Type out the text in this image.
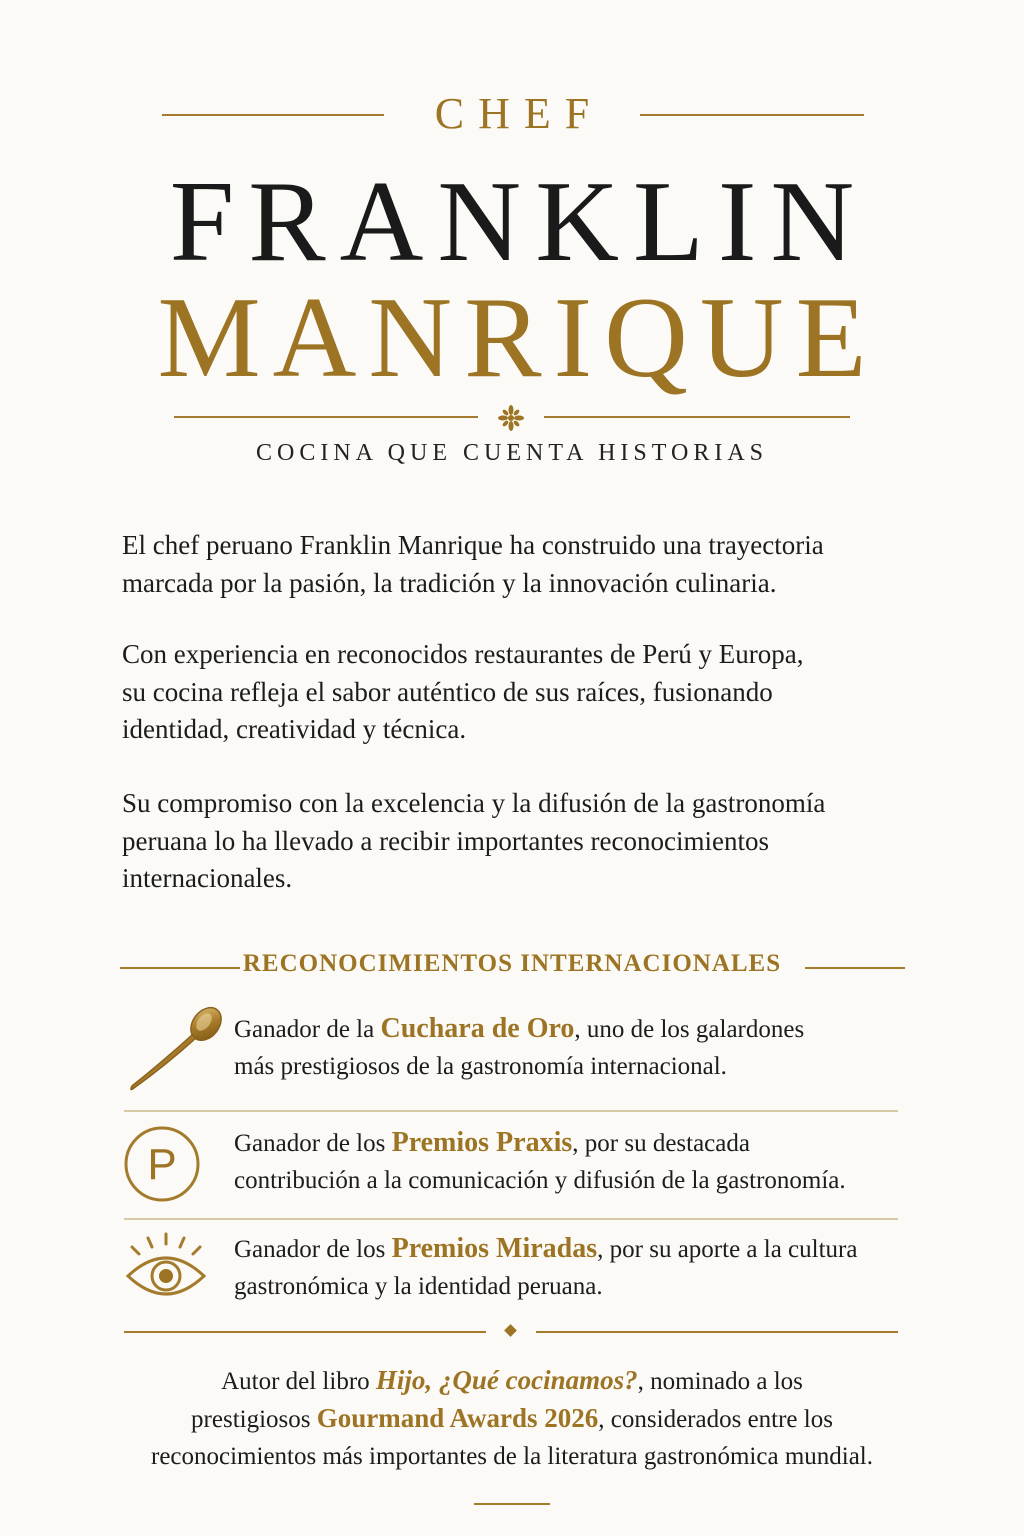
CHEF
FRANKLIN
MANRIQUE
COCINA QUE CUENTA HISTORIAS
El chef peruano Franklin Manrique ha construido una trayectoria
marcada por la pasión, la tradición y la innovación culinaria.
Con experiencia en reconocidos restaurantes de Perú y Europa,
su cocina refleja el sabor auténtico de sus raíces, fusionando
identidad, creatividad y técnica.
Su compromiso con la excelencia y la difusión de la gastronomía
peruana lo ha llevado a recibir importantes reconocimientos
internacionales.
RECONOCIMIENTOS INTERNACIONALES
Ganador de la Cuchara de Oro, uno de los galardones
más prestigiosos de la gastronomía internacional.
P Ganador de los Premios Praxis, por su destacada
contribución a la comunicación y difusión de la gastronomía.
Ganador de los Premios Miradas, por su aporte a la cultura
gastronómica y la identidad peruana.
Autor del libro Hijo, ¿Qué cocinamos?, nominado a los
prestigiosos Gourmand Awards 2026, considerados entre los
reconocimientos más importantes de la literatura gastronómica mundial.
